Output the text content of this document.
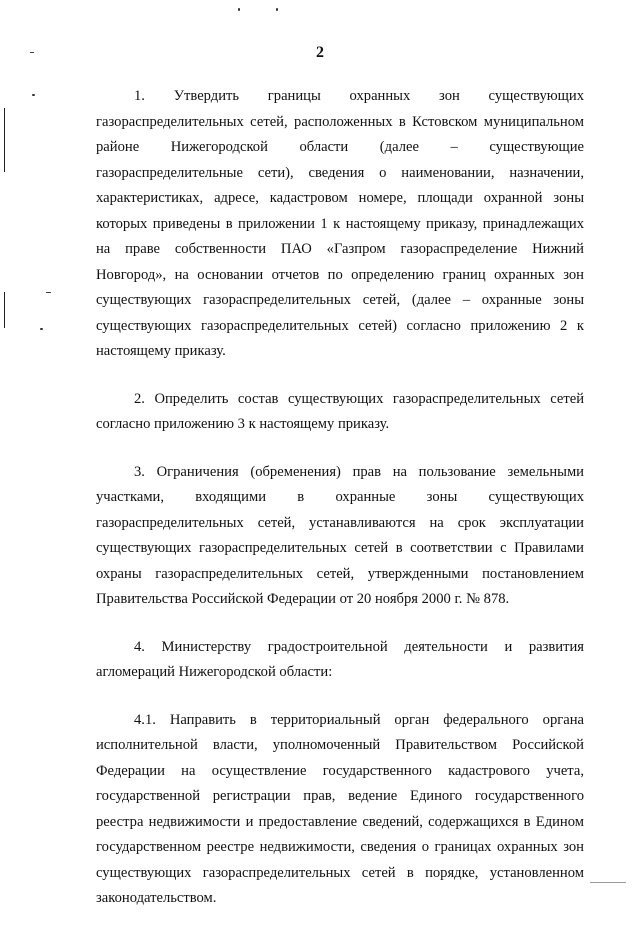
2

1. Утвердить границы охранных зон существующих газораспределительных сетей, расположенных в Кстовском муниципальном районе Нижегородской области (далее – существующие газораспределительные сети), сведения о наименовании, назначении, характеристиках, адресе, кадастровом номере, площади охранной зоны которых приведены в приложении 1 к настоящему приказу, принадлежащих на праве собственности ПАО «Газпром газораспределение Нижний Новгород», на основании отчетов по определению границ охранных зон существующих газораспределительных сетей, (далее – охранные зоны существующих газораспределительных сетей) согласно приложению 2 к настоящему приказу.

2. Определить состав существующих газораспределительных сетей согласно приложению 3 к настоящему приказу.

3. Ограничения (обременения) прав на пользование земельными участками, входящими в охранные зоны существующих газораспределительных сетей, устанавливаются на срок эксплуатации существующих газораспределительных сетей в соответствии с Правилами охраны газораспределительных сетей, утвержденными постановлением Правительства Российской Федерации от 20 ноября 2000 г. № 878.

4. Министерству градостроительной деятельности и развития агломераций Нижегородской области:

4.1. Направить в территориальный орган федерального органа исполнительной власти, уполномоченный Правительством Российской Федерации на осуществление государственного кадастрового учета, государственной регистрации прав, ведение Единого государственного реестра недвижимости и предоставление сведений, содержащихся в Едином государственном реестре недвижимости, сведения о границах охранных зон существующих газораспределительных сетей в порядке, установленном законодательством.
